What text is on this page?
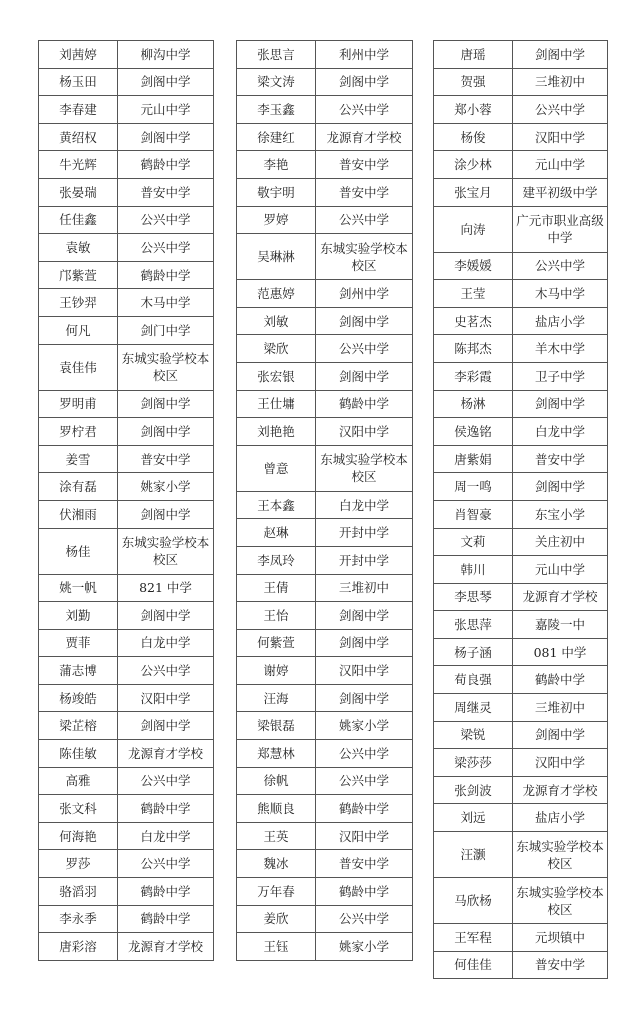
刘茜婷	柳沟中学
杨玉田	剑阁中学
李春建	元山中学
黄绍权	剑阁中学
牛光辉	鹤龄中学
张晏瑞	普安中学
任佳鑫	公兴中学
袁敏	公兴中学
邝紫萱	鹤龄中学
王钞羿	木马中学
何凡	剑门中学
袁佳伟	东城实验学校本校区
罗明甫	剑阁中学
罗柠君	剑阁中学
姜雪	普安中学
涂有磊	姚家小学
伏湘雨	剑阁中学
杨佳	东城实验学校本校区
姚一帆	821 中学
刘勤	剑阁中学
贾菲	白龙中学
蒲志博	公兴中学
杨竣皓	汉阳中学
梁芷榕	剑阁中学
陈佳敏	龙源育才学校
高雅	公兴中学
张文科	鹤龄中学
何海艳	白龙中学
罗莎	公兴中学
骆滔羽	鹤龄中学
李永季	鹤龄中学
唐彩溶	龙源育才学校
张思言	利州中学
梁文涛	剑阁中学
李玉鑫	公兴中学
徐建红	龙源育才学校
李艳	普安中学
敬宇明	普安中学
罗婷	公兴中学
吴琳淋	东城实验学校本校区
范惠婷	剑州中学
刘敏	剑阁中学
梁欣	公兴中学
张宏银	剑阁中学
王仕墉	鹤龄中学
刘艳艳	汉阳中学
曾意	东城实验学校本校区
王本鑫	白龙中学
赵琳	开封中学
李凤玲	开封中学
王倩	三堆初中
王怡	剑阁中学
何紫萱	剑阁中学
谢婷	汉阳中学
汪海	剑阁中学
梁银磊	姚家小学
郑慧林	公兴中学
徐帆	公兴中学
熊顺良	鹤龄中学
王英	汉阳中学
魏冰	普安中学
万年春	鹤龄中学
姜欣	公兴中学
王钰	姚家小学
唐瑶	剑阁中学
贺强	三堆初中
郑小蓉	公兴中学
杨俊	汉阳中学
涂少林	元山中学
张宝月	建平初级中学
向涛	广元市职业高级中学
李媛媛	公兴中学
王莹	木马中学
史茗杰	盐店小学
陈邦杰	羊木中学
李彩霞	卫子中学
杨淋	剑阁中学
侯逸铭	白龙中学
唐紫娟	普安中学
周一鸣	剑阁中学
肖智豪	东宝小学
文莉	关庄初中
韩川	元山中学
李思琴	龙源育才学校
张思萍	嘉陵一中
杨子涵	081 中学
荀良强	鹤龄中学
周继灵	三堆初中
梁锐	剑阁中学
梁莎莎	汉阳中学
张剑波	龙源育才学校
刘远	盐店小学
汪灏	东城实验学校本校区
马欣杨	东城实验学校本校区
王军程	元坝镇中
何佳佳	普安中学
